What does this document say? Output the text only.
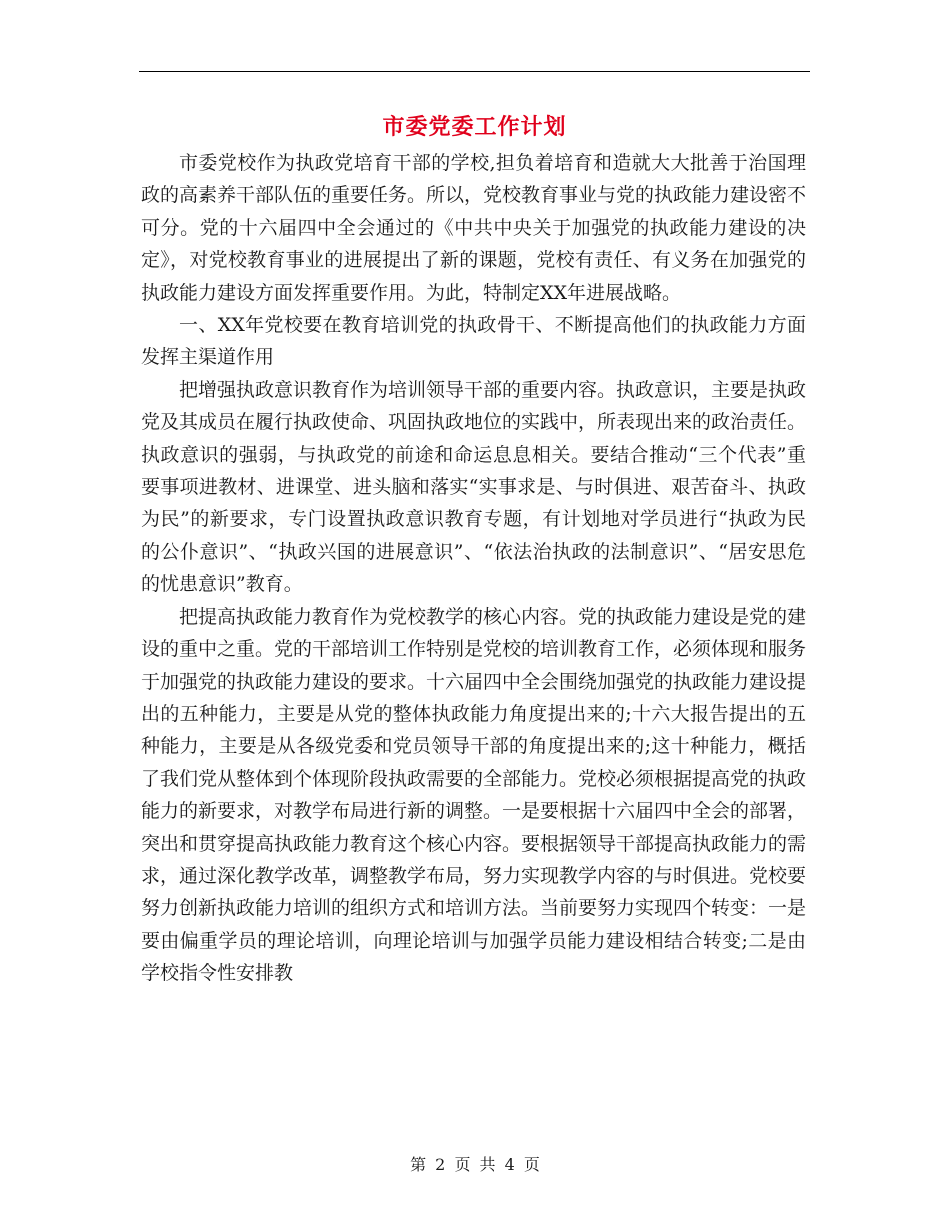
市委党委工作计划

市委党校作为执政党培育干部的学校,担负着培育和造就大大批善于治国理政的高素养干部队伍的重要任务。所以，党校教育事业与党的执政能力建设密不可分。党的十六届四中全会通过的《中共中央关于加强党的执政能力建设的决定》，对党校教育事业的进展提出了新的课题，党校有责任、有义务在加强党的执政能力建设方面发挥重要作用。为此，特制定XX年进展战略。

一、XX年党校要在教育培训党的执政骨干、不断提高他们的执政能力方面发挥主渠道作用

把增强执政意识教育作为培训领导干部的重要内容。执政意识，主要是执政党及其成员在履行执政使命、巩固执政地位的实践中，所表现出来的政治责任。执政意识的强弱，与执政党的前途和命运息息相关。要结合推动“三个代表”重要事项进教材、进课堂、进头脑和落实“实事求是、与时俱进、艰苦奋斗、执政为民”的新要求，专门设置执政意识教育专题，有计划地对学员进行“执政为民的公仆意识”、“执政兴国的进展意识”、“依法治执政的法制意识”、“居安思危的忧患意识”教育。

把提高执政能力教育作为党校教学的核心内容。党的执政能力建设是党的建设的重中之重。党的干部培训工作特别是党校的培训教育工作，必须体现和服务于加强党的执政能力建设的要求。十六届四中全会围绕加强党的执政能力建设提出的五种能力，主要是从党的整体执政能力角度提出来的;十六大报告提出的五种能力，主要是从各级党委和党员领导干部的角度提出来的;这十种能力，概括了我们党从整体到个体现阶段执政需要的全部能力。党校必须根据提高党的执政能力的新要求，对教学布局进行新的调整。一是要根据十六届四中全会的部署，突出和贯穿提高执政能力教育这个核心内容。要根据领导干部提高执政能力的需求，通过深化教学改革，调整教学布局，努力实现教学内容的与时俱进。党校要努力创新执政能力培训的组织方式和培训方法。当前要努力实现四个转变：一是要由偏重学员的理论培训，向理论培训与加强学员能力建设相结合转变;二是由学校指令性安排教

第 2 页 共 4 页
